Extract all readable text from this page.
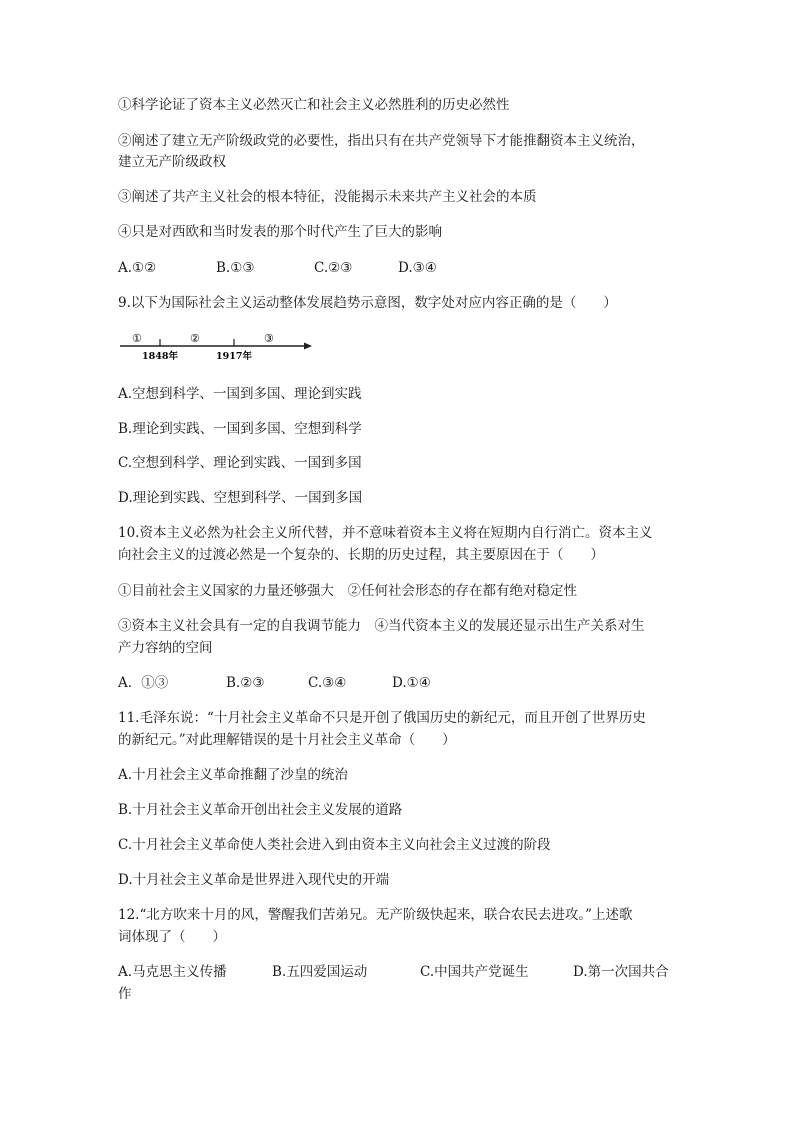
①科学论证了资本主义必然灭亡和社会主义必然胜利的历史必然性
②阐述了建立无产阶级政党的必要性，指出只有在共产党领导下才能推翻资本主义统治，
建立无产阶级政权
③阐述了共产主义社会的根本特征，没能揭示未来共产主义社会的本质
④只是对西欧和当时发表的那个时代产生了巨大的影响
A.①②	B.①③	C.②③	D.③④
9.以下为国际社会主义运动整体发展趋势示意图，数字处对应内容正确的是（　　）
①	②	③
1848年	1917年
A.空想到科学、一国到多国、理论到实践
B.理论到实践、一国到多国、空想到科学
C.空想到科学、理论到实践、一国到多国
D.理论到实践、空想到科学、一国到多国
10.资本主义必然为社会主义所代替，并不意味着资本主义将在短期内自行消亡。资本主义
向社会主义的过渡必然是一个复杂的、长期的历史过程，其主要原因在于（　　）
①目前社会主义国家的力量还够强大　②任何社会形态的存在都有绝对稳定性
③资本主义社会具有一定的自我调节能力　④当代资本主义的发展还显示出生产关系对生
产力容纳的空间
A．①③	B.②③	C.③④	D.①④
11.毛泽东说：“十月社会主义革命不只是开创了俄国历史的新纪元，而且开创了世界历史
的新纪元。”对此理解错误的是十月社会主义革命（　　）
A.十月社会主义革命推翻了沙皇的统治
B.十月社会主义革命开创出社会主义发展的道路
C.十月社会主义革命使人类社会进入到由资本主义向社会主义过渡的阶段
D.十月社会主义革命是世界进入现代史的开端
12.“北方吹来十月的风，警醒我们苦弟兄。无产阶级快起来，联合农民去进攻。”上述歌
词体现了（　　）
A.马克思主义传播	B.五四爱国运动	C.中国共产党诞生	D.第一次国共合
作
